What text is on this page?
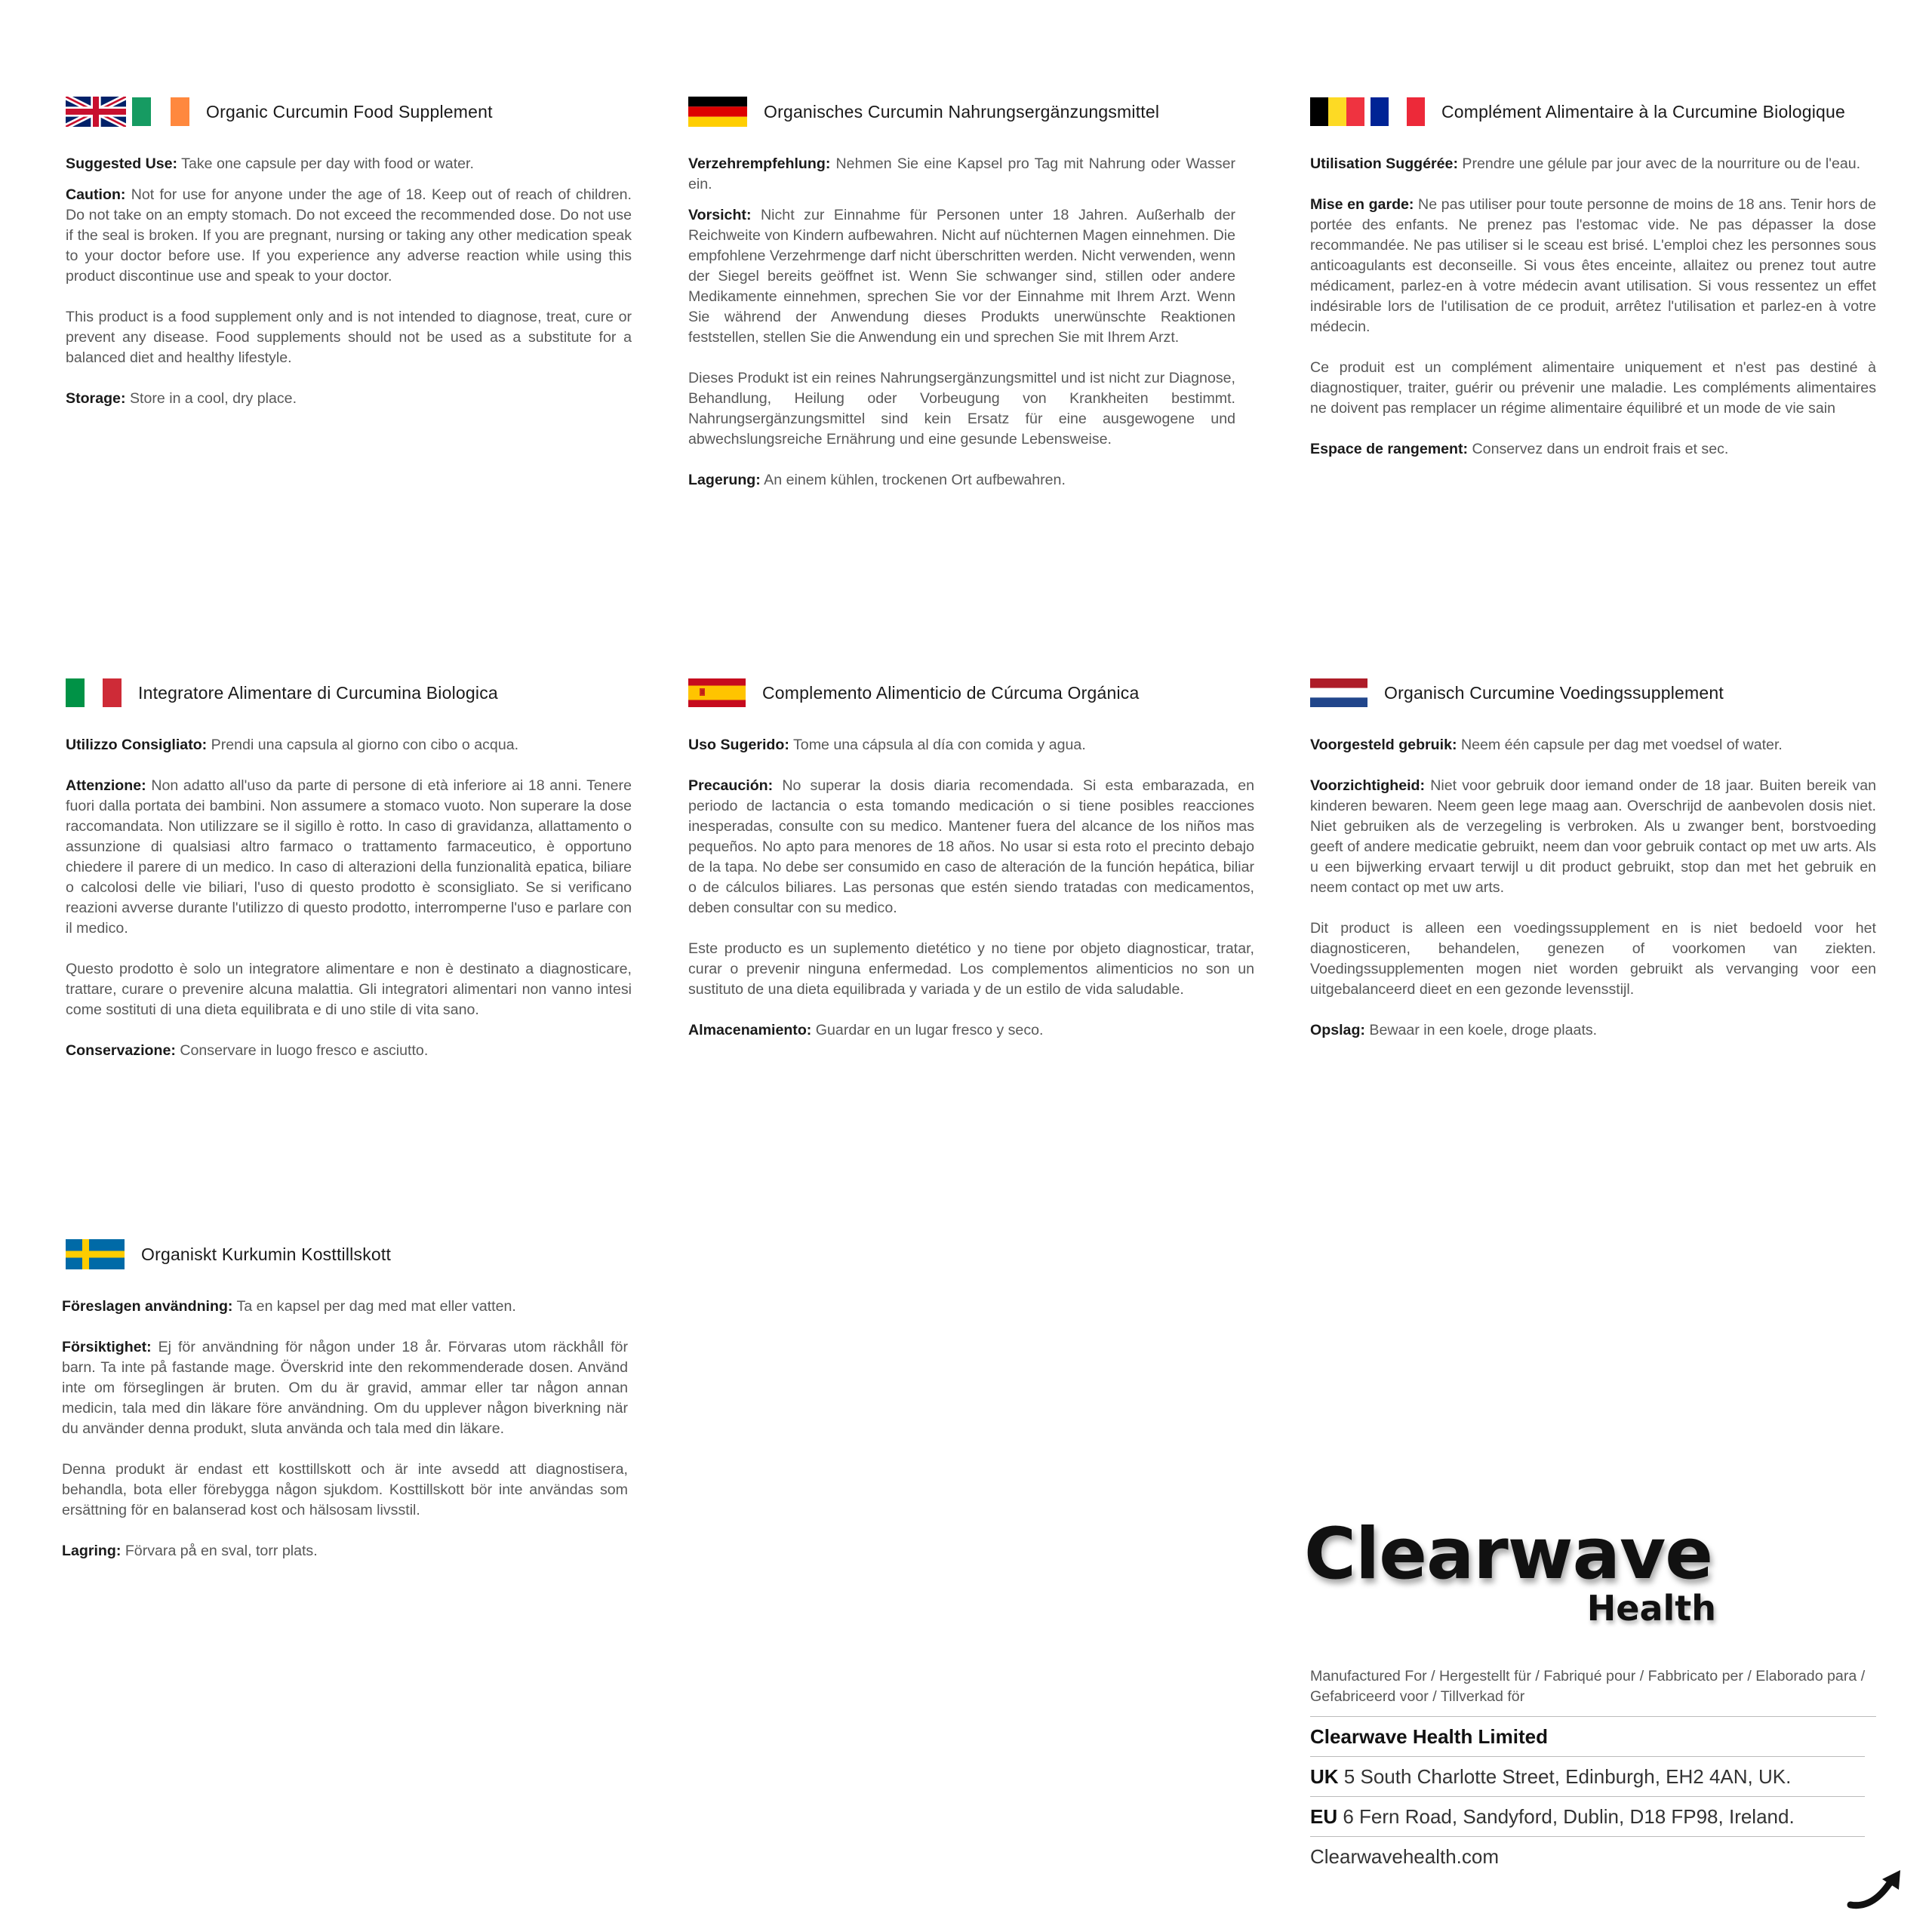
Organic Curcumin Food Supplement

Suggested Use: Take one capsule per day with food or water.

Caution: Not for use for anyone under the age of 18. Keep out of reach of children. Do not take on an empty stomach. Do not exceed the recommended dose. Do not use if the seal is broken. If you are pregnant, nursing or taking any other medication speak to your doctor before use. If you experience any adverse reaction while using this product discontinue use and speak to your doctor.

This product is a food supplement only and is not intended to diagnose, treat, cure or prevent any disease. Food supplements should not be used as a substitute for a balanced diet and healthy lifestyle.

Storage: Store in a cool, dry place.

Organisches Curcumin Nahrungsergänzungsmittel

Verzehrempfehlung: Nehmen Sie eine Kapsel pro Tag mit Nahrung oder Wasser ein.

Vorsicht: Nicht zur Einnahme für Personen unter 18 Jahren. Außerhalb der Reichweite von Kindern aufbewahren. Nicht auf nüchternen Magen einnehmen. Die empfohlene Verzehrmenge darf nicht überschritten werden. Nicht verwenden, wenn der Siegel bereits geöffnet ist. Wenn Sie schwanger sind, stillen oder andere Medikamente einnehmen, sprechen Sie vor der Einnahme mit Ihrem Arzt. Wenn Sie während der Anwendung dieses Produkts unerwünschte Reaktionen feststellen, stellen Sie die Anwendung ein und sprechen Sie mit Ihrem Arzt.

Dieses Produkt ist ein reines Nahrungsergänzungsmittel und ist nicht zur Diagnose, Behandlung, Heilung oder Vorbeugung von Krankheiten bestimmt. Nahrungsergänzungsmittel sind kein Ersatz für eine ausgewogene und abwechslungsreiche Ernährung und eine gesunde Lebensweise.

Lagerung: An einem kühlen, trockenen Ort aufbewahren.

Complément Alimentaire à la Curcumine Biologique

Utilisation Suggérée: Prendre une gélule par jour avec de la nourriture ou de l'eau.

Mise en garde: Ne pas utiliser pour toute personne de moins de 18 ans. Tenir hors de portée des enfants. Ne prenez pas l'estomac vide. Ne pas dépasser la dose recommandée. Ne pas utiliser si le sceau est brisé. L'emploi chez les personnes sous anticoagulants est deconseille. Si vous êtes enceinte, allaitez ou prenez tout autre médicament, parlez-en à votre médecin avant utilisation. Si vous ressentez un effet indésirable lors de l'utilisation de ce produit, arrêtez l'utilisation et parlez-en à votre médecin.

Ce produit est un complément alimentaire uniquement et n'est pas destiné à diagnostiquer, traiter, guérir ou prévenir une maladie. Les compléments alimentaires ne doivent pas remplacer un régime alimentaire équilibré et un mode de vie sain

Espace de rangement: Conservez dans un endroit frais et sec.

Integratore Alimentare di Curcumina Biologica

Utilizzo Consigliato: Prendi una capsula al giorno con cibo o acqua.

Attenzione: Non adatto all'uso da parte di persone di età inferiore ai 18 anni. Tenere fuori dalla portata dei bambini. Non assumere a stomaco vuoto. Non superare la dose raccomandata. Non utilizzare se il sigillo è rotto. In caso di gravidanza, allattamento o assunzione di qualsiasi altro farmaco o trattamento farmaceutico, è opportuno chiedere il parere di un medico. In caso di alterazioni della funzionalità epatica, biliare o calcolosi delle vie biliari, l'uso di questo prodotto è sconsigliato. Se si verificano reazioni avverse durante l'utilizzo di questo prodotto, interromperne l'uso e parlare con il medico.

Questo prodotto è solo un integratore alimentare e non è destinato a diagnosticare, trattare, curare o prevenire alcuna malattia. Gli integratori alimentari non vanno intesi come sostituti di una dieta equilibrata e di uno stile di vita sano.

Conservazione: Conservare in luogo fresco e asciutto.

Complemento Alimenticio de Cúrcuma Orgánica

Uso Sugerido: Tome una cápsula al día con comida y agua.

Precaución: No superar la dosis diaria recomendada. Si esta embarazada, en periodo de lactancia o esta tomando medicación o si tiene posibles reacciones inesperadas, consulte con su medico. Mantener fuera del alcance de los niños mas pequeños. No apto para menores de 18 años. No usar si esta roto el precinto debajo de la tapa. No debe ser consumido en caso de alteración de la función hepática, biliar o de cálculos biliares. Las personas que estén siendo tratadas con medicamentos, deben consultar con su medico.

Este producto es un suplemento dietético y no tiene por objeto diagnosticar, tratar, curar o prevenir ninguna enfermedad. Los complementos alimenticios no son un sustituto de una dieta equilibrada y variada y de un estilo de vida saludable.

Almacenamiento: Guardar en un lugar fresco y seco.

Organisch Curcumine Voedingssupplement

Voorgesteld gebruik: Neem één capsule per dag met voedsel of water.

Voorzichtigheid: Niet voor gebruik door iemand onder de 18 jaar. Buiten bereik van kinderen bewaren. Neem geen lege maag aan. Overschrijd de aanbevolen dosis niet. Niet gebruiken als de verzegeling is verbroken. Als u zwanger bent, borstvoeding geeft of andere medicatie gebruikt, neem dan voor gebruik contact op met uw arts. Als u een bijwerking ervaart terwijl u dit product gebruikt, stop dan met het gebruik en neem contact op met uw arts.

Dit product is alleen een voedingssupplement en is niet bedoeld voor het diagnosticeren, behandelen, genezen of voorkomen van ziekten. Voedingssupplementen mogen niet worden gebruikt als vervanging voor een uitgebalanceerd dieet en een gezonde levensstijl.

Opslag: Bewaar in een koele, droge plaats.

Organiskt Kurkumin Kosttillskott

Föreslagen användning: Ta en kapsel per dag med mat eller vatten.

Försiktighet: Ej för användning för någon under 18 år. Förvaras utom räckhåll för barn. Ta inte på fastande mage. Överskrid inte den rekommenderade dosen. Använd inte om förseglingen är bruten. Om du är gravid, ammar eller tar någon annan medicin, tala med din läkare före användning. Om du upplever någon biverkning när du använder denna produkt, sluta använda och tala med din läkare.

Denna produkt är endast ett kosttillskott och är inte avsedd att diagnostisera, behandla, bota eller förebygga någon sjukdom. Kosttillskott bör inte användas som ersättning för en balanserad kost och hälsosam livsstil.

Lagring: Förvara på en sval, torr plats.	Clearwave
Health
Manufactured For / Hergestellt für / Fabriqué pour / Fabbricato per / Elaborado para / Gefabriceerd voor / Tillverkad för
Clearwave Health Limited
UK 5 South Charlotte Street, Edinburgh, EH2 4AN, UK.
EU 6 Fern Road, Sandyford, Dublin, D18 FP98, Ireland.
Clearwavehealth.com
